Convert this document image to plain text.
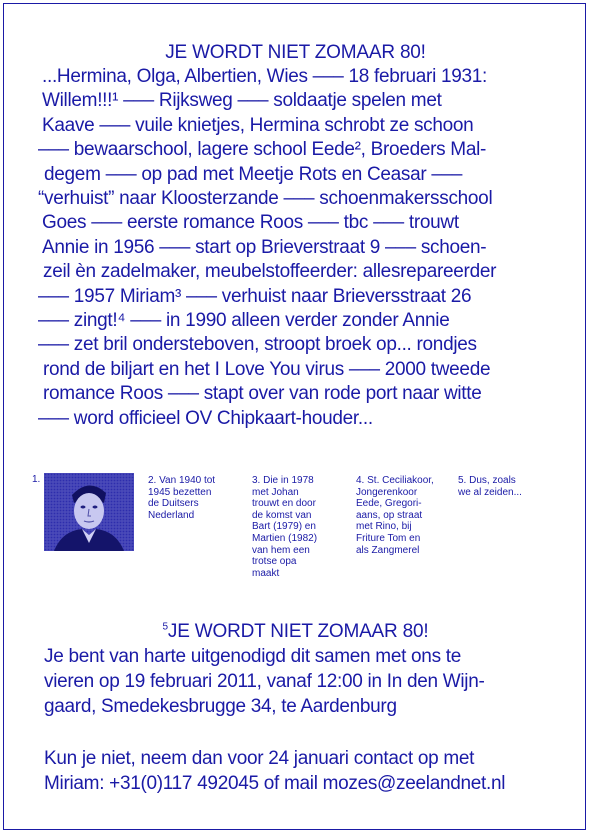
JE WORDT NIET ZOMAAR 80!
...Hermina, Olga, Albertien, Wies ––– 18 februari 1931:
Willem!!!¹ ––– Rijksweg ––– soldaatje spelen met
Kaave ––– vuile knietjes, Hermina schrobt ze schoon
––– bewaarschool, lagere school Eede², Broeders Mal-
degem ––– op pad met Meetje Rots en Ceasar –––
“verhuist” naar Kloosterzande ––– schoenmakersschool
Goes ––– eerste romance Roos ––– tbc ––– trouwt
Annie in 1956 ––– start op Brieverstraat 9 ––– schoen-
zeil èn zadelmaker, meubelstoffeerder: allesrepareerder
––– 1957 Miriam³ ––– verhuist naar Brieversstraat 26
––– zingt!⁴ ––– in 1990 alleen verder zonder Annie
––– zet bril ondersteboven, stroopt broek op... rondjes
rond de biljart en het I Love You virus ––– 2000 tweede
romance Roos ––– stapt over van rode port naar witte
––– word officieel OV Chipkaart-houder...
1.	2. Van 1940 tot
1945 bezetten
de Duitsers
Nederland
3. Die in 1978
met Johan
trouwt en door
de komst van
Bart (1979) en
Martien (1982)
van hem een
trotse opa
maakt
4. St. Ceciliakoor,
Jongerenkoor
Eede, Gregori-
aans, op straat
met Rino, bij
Friture Tom en
als Zangmerel
5. Dus, zoals
we al zeiden...
$^5$JE WORDT NIET ZOMAAR 80!
Je bent van harte uitgenodigd dit samen met ons te
vieren op 19 februari 2011, vanaf 12:00 in In den Wijn-
gaard, Smedekesbrugge 34, te Aardenburg
Kun je niet, neem dan voor 24 januari contact op met
Miriam: +31(0)117 492045 of mail mozes@zeelandnet.nl
